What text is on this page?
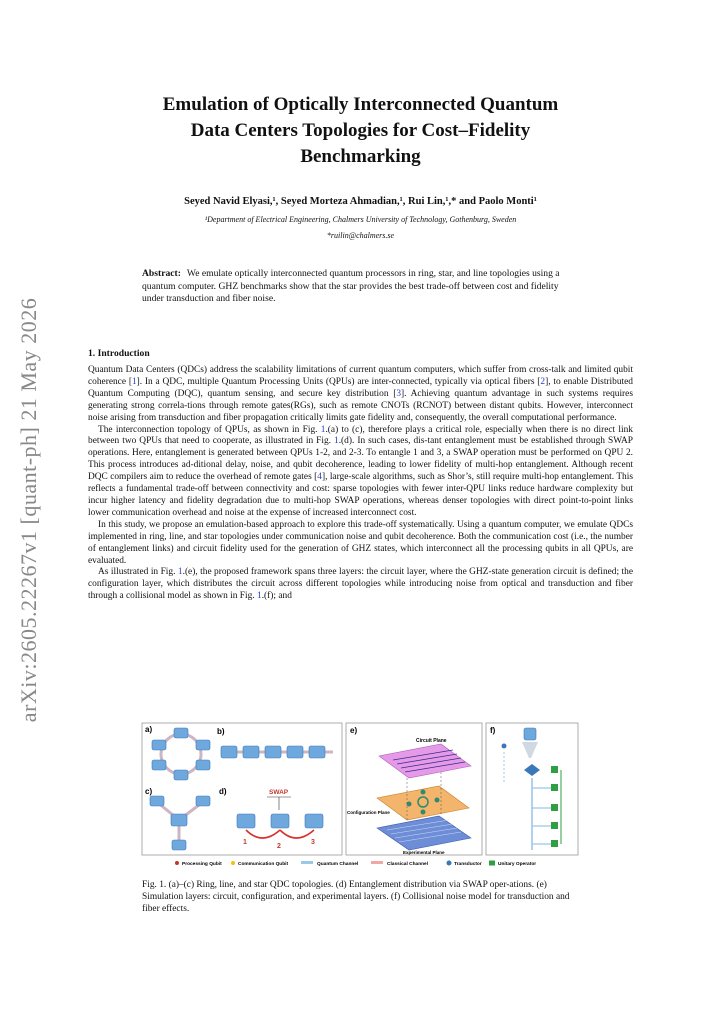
arXiv:2605.22267v1 [quant-ph] 21 May 2026
Emulation of Optically Interconnected Quantum
Data Centers Topologies for Cost–Fidelity
Benchmarking
Seyed Navid Elyasi,¹, Seyed Morteza Ahmadian,¹, Rui Lin,¹,* and Paolo Monti¹
¹Department of Electrical Engineering, Chalmers University of Technology, Gothenburg, Sweden
*ruilin@chalmers.se
Abstract: We emulate optically interconnected quantum processors in ring, star, and line topologies using a quantum computer. GHZ benchmarks show that the star provides the best trade-off between cost and fidelity under transduction and fiber noise.
1. Introduction

Quantum Data Centers (QDCs) address the scalability limitations of current quantum computers, which suffer from cross-talk and limited qubit coherence [1]. In a QDC, multiple Quantum Processing Units (QPUs) are inter-connected, typically via optical fibers [2], to enable Distributed Quantum Computing (DQC), quantum sensing, and secure key distribution [3]. Achieving quantum advantage in such systems requires generating strong correla-tions through remote gates(RGs), such as remote CNOTs (RCNOT) between distant qubits. However, interconnect noise arising from transduction and fiber propagation critically limits gate fidelity and, consequently, the overall computational performance.

The interconnection topology of QPUs, as shown in Fig. 1.(a) to (c), therefore plays a critical role, especially when there is no direct link between two QPUs that need to cooperate, as illustrated in Fig. 1.(d). In such cases, dis-tant entanglement must be established through SWAP operations. Here, entanglement is generated between QPUs 1-2, and 2-3. To entangle 1 and 3, a SWAP operation must be performed on QPU 2. This process introduces ad-ditional delay, noise, and qubit decoherence, leading to lower fidelity of multi-hop entanglement. Although recent DQC compilers aim to reduce the overhead of remote gates [4], large-scale algorithms, such as Shor’s, still require multi-hop entanglement. This reflects a fundamental trade-off between connectivity and cost: sparse topologies with fewer inter-QPU links reduce hardware complexity but incur higher latency and fidelity degradation due to multi-hop SWAP operations, whereas denser topologies with direct point-to-point links lower communication overhead and noise at the expense of increased interconnect cost.

In this study, we propose an emulation-based approach to explore this trade-off systematically. Using a quantum computer, we emulate QDCs implemented in ring, line, and star topologies under communication noise and qubit decoherence. Both the communication cost (i.e., the number of entanglement links) and circuit fidelity used for the generation of GHZ states, which interconnect all the processing qubits in all QPUs, are evaluated.

As illustrated in Fig. 1.(e), the proposed framework spans three layers: the circuit layer, where the GHZ-state generation circuit is defined; the configuration layer, which distributes the circuit across different topologies while introducing noise from optical and transduction and fiber through a collisional model as shown in Fig. 1.(f); and

a)	b)
c)	d)	SWAP
1
2
3
e)
Circuit Plane
Configuration Plane
Experimental Plane
f)
Processing Qubit	Communication Qubit	Quantum Channel	Classical Channel	Transductor	Unitary Operator
Fig. 1. (a)–(c) Ring, line, and star QDC topologies. (d) Entanglement distribution via SWAP oper-ations. (e) Simulation layers: circuit, configuration, and experimental layers. (f) Collisional noise model for transduction and fiber effects.
